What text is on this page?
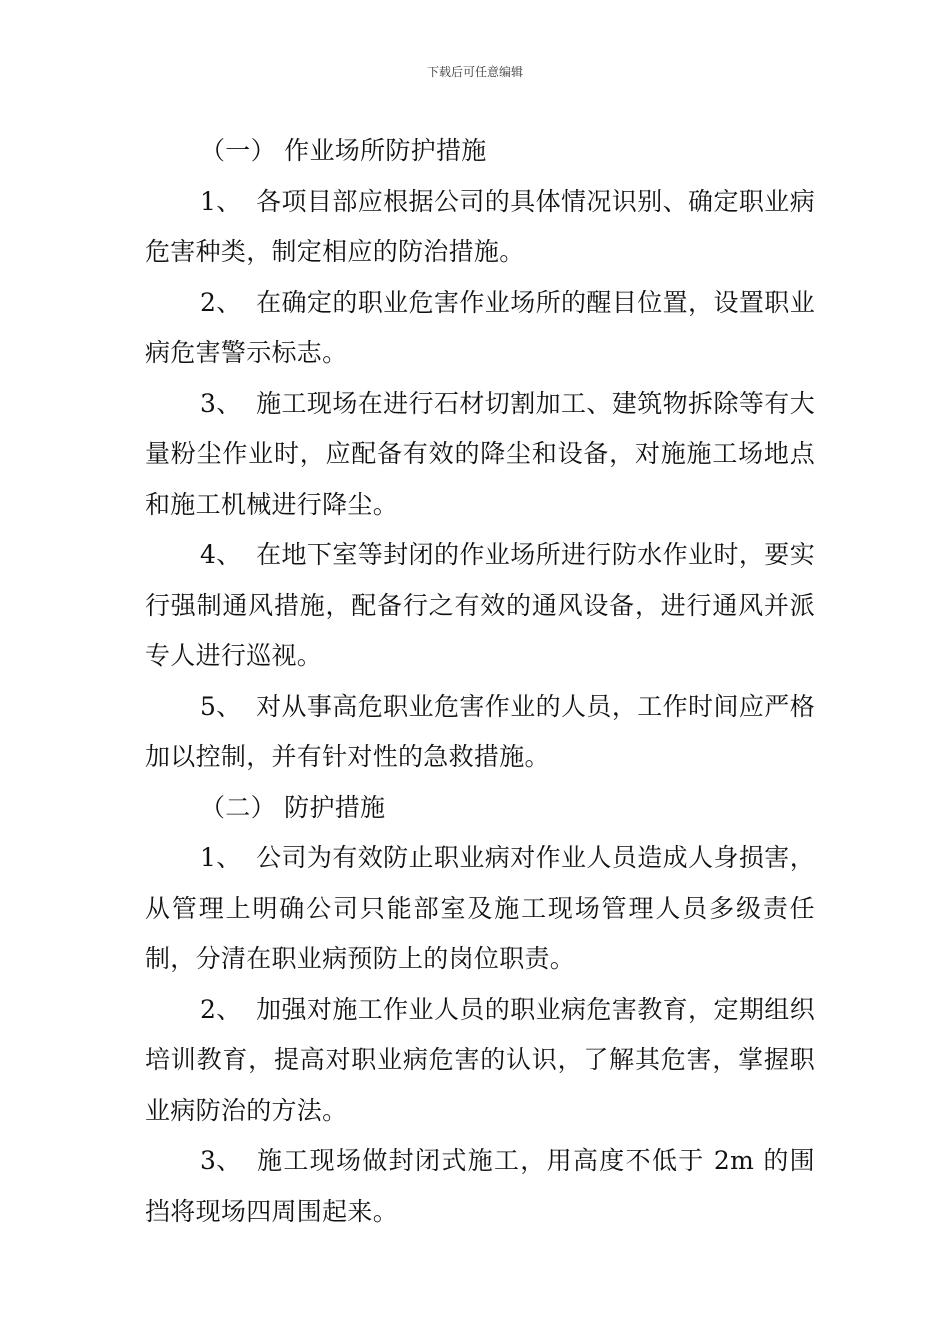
下载后可任意编辑

（一） 作业场所防护措施

1、 各项目部应根据公司的具体情况识别、确定职业病危害种类，制定相应的防治措施。

2、 在确定的职业危害作业场所的醒目位置，设置职业病危害警示标志。

3、 施工现场在进行石材切割加工、建筑物拆除等有大量粉尘作业时，应配备有效的降尘和设备，对施施工场地点和施工机械进行降尘。

4、 在地下室等封闭的作业场所进行防水作业时，要实行强制通风措施，配备行之有效的通风设备，进行通风并派专人进行巡视。

5、 对从事高危职业危害作业的人员，工作时间应严格加以控制，并有针对性的急救措施。

（二） 防护措施

1、 公司为有效防止职业病对作业人员造成人身损害，从管理上明确公司只能部室及施工现场管理人员多级责任制，分清在职业病预防上的岗位职责。

2、 加强对施工作业人员的职业病危害教育，定期组织培训教育，提高对职业病危害的认识，了解其危害，掌握职业病防治的方法。

3、 施工现场做封闭式施工，用高度不低于 2m 的围挡将现场四周围起来。
